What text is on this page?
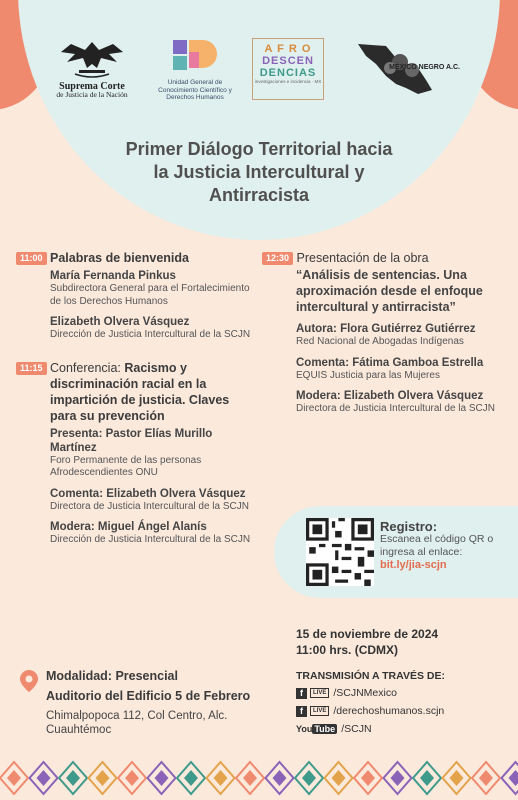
Suprema Corte
de Justicia de la Nación
Unidad General de Conocimiento Científico y Derechos Humanos
A F R O
DESCEN
DENCIAS
investigaciones e incidencia · MX
MÉXICO NEGRO A.C.
Primer Diálogo Territorial hacia
la Justicia Intercultural y
Antirracista
11:00 Palabras de bienvenida
María Fernanda Pinkus
Subdirectora General para el Fortalecimiento de los Derechos Humanos
Elizabeth Olvera Vásquez
Dirección de Justicia Intercultural de la SCJN
11:15 Conferencia: Racismo y discriminación racial en la impartición de justicia. Claves para su prevención
Presenta: Pastor Elías Murillo Martínez
Foro Permanente de las personas Afrodescendientes ONU
Comenta: Elizabeth Olvera Vásquez
Directora de Justicia Intercultural de la SCJN
Modera: Miguel Ángel Alanís
Dirección de Justicia Intercultural de la SCJN
12:30 Presentación de la obra
“Análisis de sentencias. Una aproximación desde el enfoque intercultural y antirracista”
Autora: Flora Gutiérrez Gutiérrez
Red Nacional de Abogadas Indígenas
Comenta: Fátima Gamboa Estrella
EQUIS Justicia para las Mujeres
Modera: Elizabeth Olvera Vásquez
Directora de Justicia Intercultural de la SCJN
Registro:
Escanea el código QR o ingresa al enlace:
bit.ly/jia-scjn
15 de noviembre de 2024
11:00 hrs. (CDMX)
TRANSMISIÓN A TRAVÉS DE:
f	LIVE /SCJNMexico
f	LIVE /derechoshumanos.scjn
You Tube /SCJN
Modalidad: Presencial
Auditorio del Edificio 5 de Febrero
Chimalpopoca 112, Col Centro, Alc. Cuauhtémoc
